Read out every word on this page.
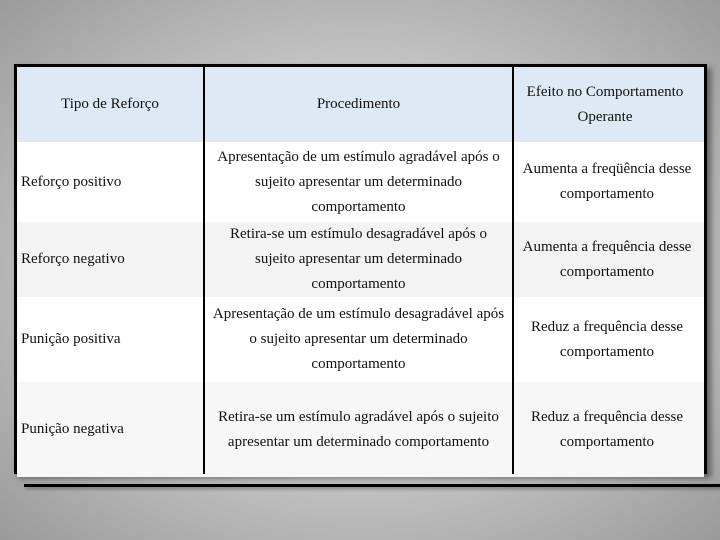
Tipo de Reforço	Procedimento
Efeito no Comportamento Operante
Reforço positivo
Apresentação de um estímulo agradável após o sujeito apresentar um determinado comportamento
Aumenta a freqüência desse comportamento
Reforço negativo
Retira-se um estímulo desagradável após o sujeito apresentar um determinado comportamento
Aumenta a frequência desse comportamento
Punição positiva
Apresentação de um estímulo desagradável após o sujeito apresentar um determinado comportamento
Reduz a frequência desse comportamento
Punição negativa
Retira-se um estímulo agradável após o sujeito apresentar um determinado comportamento
Reduz a frequência desse comportamento
